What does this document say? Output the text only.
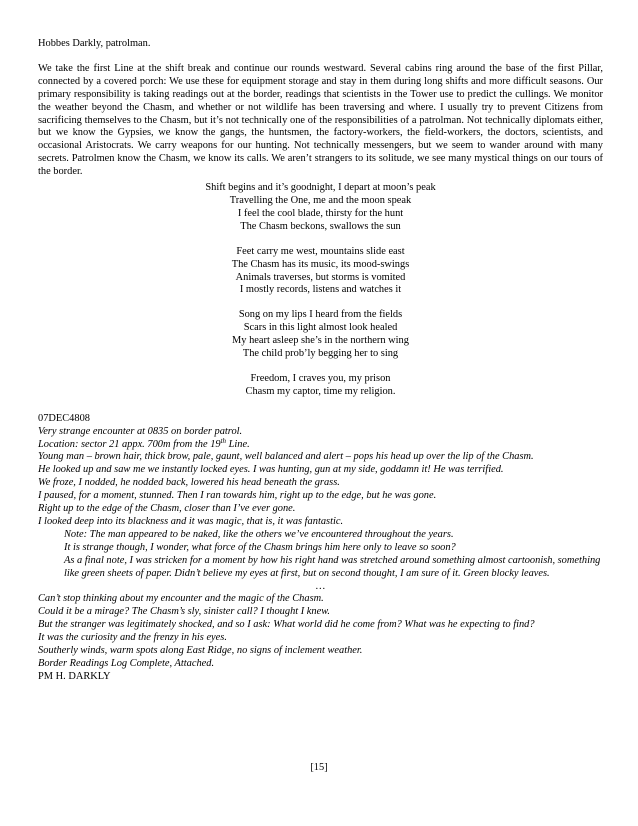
Hobbes Darkly, patrolman.

We take the first Line at the shift break and continue our rounds westward. Several cabins ring around the base of the first Pillar, connected by a covered porch: We use these for equipment storage and stay in them during long shifts and more difficult seasons. Our primary responsibility is taking readings out at the border, readings that scientists in the Tower use to predict the cullings. We monitor the weather beyond the Chasm, and whether or not wildlife has been traversing and where. I usually try to prevent Citizens from sacrificing themselves to the Chasm, but it’s not technically one of the responsibilities of a patrolman. Not technically diplomats either, but we know the Gypsies, we know the gangs, the huntsmen, the factory-workers, the field-workers, the doctors, scientists, and occasional Aristocrats. We carry weapons for our hunting. Not technically messengers, but we seem to wander around with many secrets. Patrolmen know the Chasm, we know its calls. We aren’t strangers to its solitude, we see many mystical things on our tours of the border.

Shift begins and it’s goodnight, I depart at moon’s peak
Travelling the One, me and the moon speak
I feel the cool blade, thirsty for the hunt
The Chasm beckons, swallows the sun
Feet carry me west, mountains slide east
The Chasm has its music, its mood-swings
Animals traverses, but storms is vomited
I mostly records, listens and watches it
Song on my lips I heard from the fields
Scars in this light almost look healed
My heart asleep she’s in the northern wing
The child prob’ly begging her to sing
Freedom, I craves you, my prison
Chasm my captor, time my religion.

07DEC4808

Very strange encounter at 0835 on border patrol.

Location: sector 21 appx. 700m from the 19th Line.

Young man – brown hair, thick brow, pale, gaunt, well balanced and alert – pops his head up over the lip of the Chasm.

He looked up and saw me we instantly locked eyes. I was hunting, gun at my side, goddamn it! He was terrified.

We froze, I nodded, he nodded back, lowered his head beneath the grass.

I paused, for a moment, stunned. Then I ran towards him, right up to the edge, but he was gone.

Right up to the edge of the Chasm, closer than I’ve ever gone.

I looked deep into its blackness and it was magic, that is, it was fantastic.

Note: The man appeared to be naked, like the others we’ve encountered throughout the years.

It is strange though, I wonder, what force of the Chasm brings him here only to leave so soon?

As a final note, I was stricken for a moment by how his right hand was stretched around something almost cartoonish, something like green sheets of paper. Didn’t believe my eyes at first, but on second thought, I am sure of it. Green blocky leaves.

…

Can’t stop thinking about my encounter and the magic of the Chasm.

Could it be a mirage? The Chasm’s sly, sinister call? I thought I knew.

But the stranger was legitimately shocked, and so I ask: What world did he come from? What was he expecting to find?

It was the curiosity and the frenzy in his eyes.

Southerly winds, warm spots along East Ridge, no signs of inclement weather.

Border Readings Log Complete, Attached.

PM H. DARKLY

[15]
